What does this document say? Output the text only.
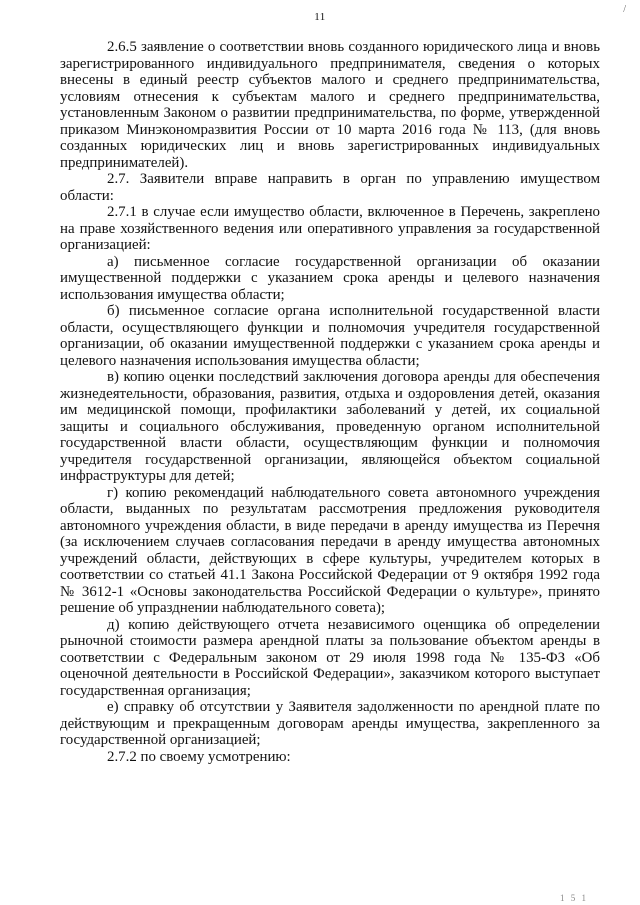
11
/

2.6.5 заявление о соответствии вновь созданного юридического лица и вновь зарегистрированного индивидуального предпринимателя, сведения о которых внесены в единый реестр субъектов малого и среднего предпринимательства, условиям отнесения к субъектам малого и среднего предпринимательства, установленным Законом о развитии предпринимательства, по форме, утвержденной приказом Минэкономразвития России от 10 марта 2016 года № 113, (для вновь созданных юридических лиц и вновь зарегистрированных индивидуальных предпринимателей).

2.7. Заявители вправе направить в орган по управлению имуществом области:

2.7.1 в случае если имущество области, включенное в Перечень, закреплено на праве хозяйственного ведения или оперативного управления за государственной организацией:

а) письменное согласие государственной организации об оказании имущественной поддержки с указанием срока аренды и целевого назначения использования имущества области;

б) письменное согласие органа исполнительной государственной власти области, осуществляющего функции и полномочия учредителя государственной организации, об оказании имущественной поддержки с указанием срока аренды и целевого назначения использования имущества области;

в) копию оценки последствий заключения договора аренды для обеспечения жизнедеятельности, образования, развития, отдыха и оздоровления детей, оказания им медицинской помощи, профилактики заболеваний у детей, их социальной защиты и социального обслуживания, проведенную органом исполнительной государственной власти области, осуществляющим функции и полномочия учредителя государственной организации, являющейся объектом социальной инфраструктуры для детей;

г) копию рекомендаций наблюдательного совета автономного учреждения области, выданных по результатам рассмотрения предложения руководителя автономного учреждения области, в виде передачи в аренду имущества из Перечня (за исключением случаев согласования передачи в аренду имущества автономных учреждений области, действующих в сфере культуры, учредителем которых в соответствии со статьей 41.1 Закона Российской Федерации от 9 октября 1992 года № 3612-1 «Основы законодательства Российской Федерации о культуре», принято решение об упразднении наблюдательного совета);

д) копию действующего отчета независимого оценщика об определении рыночной стоимости размера арендной платы за пользование объектом аренды в соответствии с Федеральным законом от 29 июля 1998 года № 135-ФЗ «Об оценочной деятельности в Российской Федерации», заказчиком которого выступает государственная организация;

е) справку об отсутствии у Заявителя задолженности по арендной плате по действующим и прекращенным договорам аренды имущества, закрепленного за государственной организацией;

2.7.2 по своему усмотрению:

1 5 1
